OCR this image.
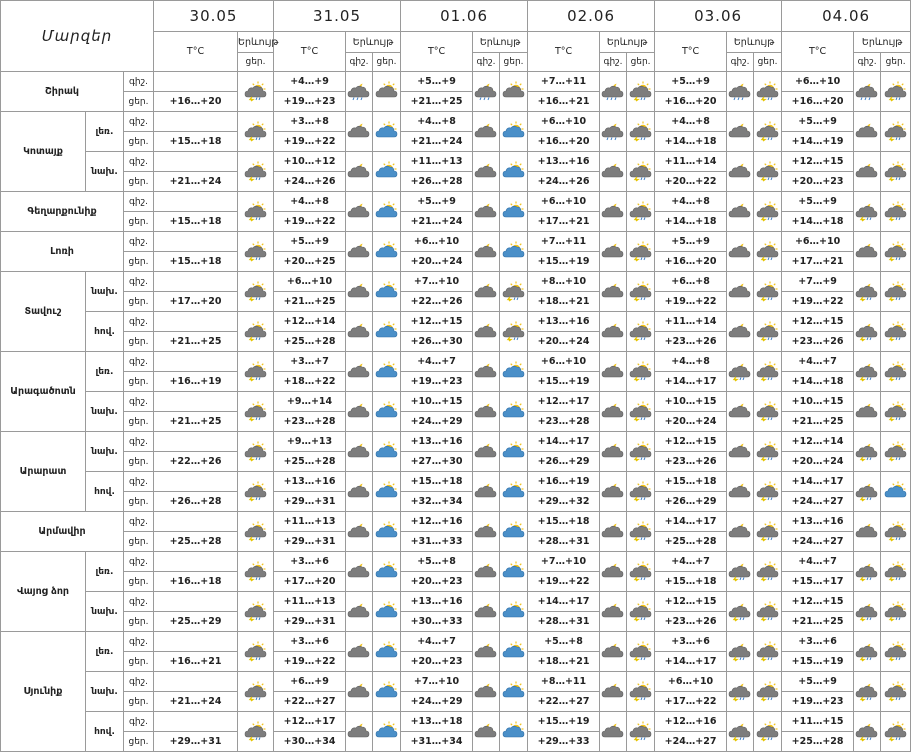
Մարզեր			30.05		31.05			01.06			02.06			03.06			04.06		
			T°C	Երևույթ	T°C	Երևույթ		T°C	Երևույթ		T°C	Երևույթ		T°C	Երևույթ		T°C	Երևույթ	
				ցեր.		գիշ.	ցեր.		գիշ.	ցեր.		գիշ.	ցեր.		գիշ.	ցեր.		գիշ.	ցեր.
Շիրակ		գիշ.			+4…+9			+5…+9			+7…+11			+5…+9			+6…+10	

		ցեր.	+16…+20		+19…+23			+21…+25			+16…+21			+16…+20			+16…+20		
Կոտայք	լեռ.	գիշ.			+3…+8			+4…+8			+6…+10			+4…+8			+5…+9	

		ցեր.	+15…+18		+19…+22			+21…+24			+16…+20			+14…+18			+14…+19		
	նախ.	գիշ.			+10…+12			+11…+13			+13…+16			+11…+14			+12…+15	

		ցեր.	+21…+24		+24…+26			+26…+28			+24…+26			+20…+22			+20…+23		
Գեղարքունիք		գիշ.			+4…+8			+5…+9			+6…+10			+4…+8			+5…+9	

		ցեր.	+15…+18		+19…+22			+21…+24			+17…+21			+14…+18			+14…+18		
Լոռի		գիշ.			+5…+9			+6…+10			+7…+11			+5…+9			+6…+10	

		ցեր.	+15…+18		+20…+25			+20…+24			+15…+19			+16…+20			+17…+21		
Տավուշ	նախ.	գիշ.			+6…+10			+7…+10			+8…+10			+6…+8			+7…+9	

		ցեր.	+17…+20		+21…+25			+22…+26			+18…+21			+19…+22			+19…+22		
	հով.	գիշ.			+12…+14			+12…+15			+13…+16			+11…+14			+12…+15	

		ցեր.	+21…+25		+25…+28			+26…+30			+20…+24			+23…+26			+23…+26		
Արագածոտն	լեռ.	գիշ.			+3…+7			+4…+7			+6…+10			+4…+8			+4…+7	

		ցեր.	+16…+19		+18…+22			+19…+23			+15…+19			+14…+17			+14…+18		
	նախ.	գիշ.			+9…+14			+10…+15			+12…+17			+10…+15			+10…+15	

		ցեր.	+21…+25		+23…+28			+24…+29			+23…+28			+20…+24			+21…+25		
Արարատ	նախ.	գիշ.			+9…+13			+13…+16			+14…+17			+12…+15			+12…+14	

		ցեր.	+22…+26		+25…+28			+27…+30			+26…+29			+23…+26			+20…+24		
	հով.	գիշ.			+13…+16			+15…+18			+16…+19			+15…+18			+14…+17	

		ցեր.	+26…+28		+29…+31			+32…+34			+29…+32			+26…+29			+24…+27		
Արմավիր		գիշ.			+11…+13			+12…+16			+15…+18			+14…+17			+13…+16	

		ցեր.	+25…+28		+29…+31			+31…+33			+28…+31			+25…+28			+24…+27		
Վայոց ձոր	լեռ.	գիշ.			+3…+6			+5…+8			+7…+10			+4…+7			+4…+7	

		ցեր.	+16…+18		+17…+20			+20…+23			+19…+22			+15…+18			+15…+17		
	նախ.	գիշ.			+11…+13			+13…+16			+14…+17			+12…+15			+12…+15	

		ցեր.	+25…+29		+29…+31			+30…+33			+28…+31			+23…+26			+21…+25		
Սյունիք	լեռ.	գիշ.			+3…+6			+4…+7			+5…+8			+3…+6			+3…+6	

		ցեր.	+16…+21		+19…+22			+20…+23			+18…+21			+14…+17			+15…+19		
	նախ.	գիշ.			+6…+9			+7…+10			+8…+11			+6…+10			+5…+9	

		ցեր.	+21…+24		+22…+27			+24…+29			+22…+27			+17…+22			+19…+23		
	հով.	գիշ.			+12…+17			+13…+18			+15…+19			+12…+16			+11…+15	

		ցեր.	+29…+31		+30…+34			+31…+34			+29…+33			+24…+27			+25…+28		
